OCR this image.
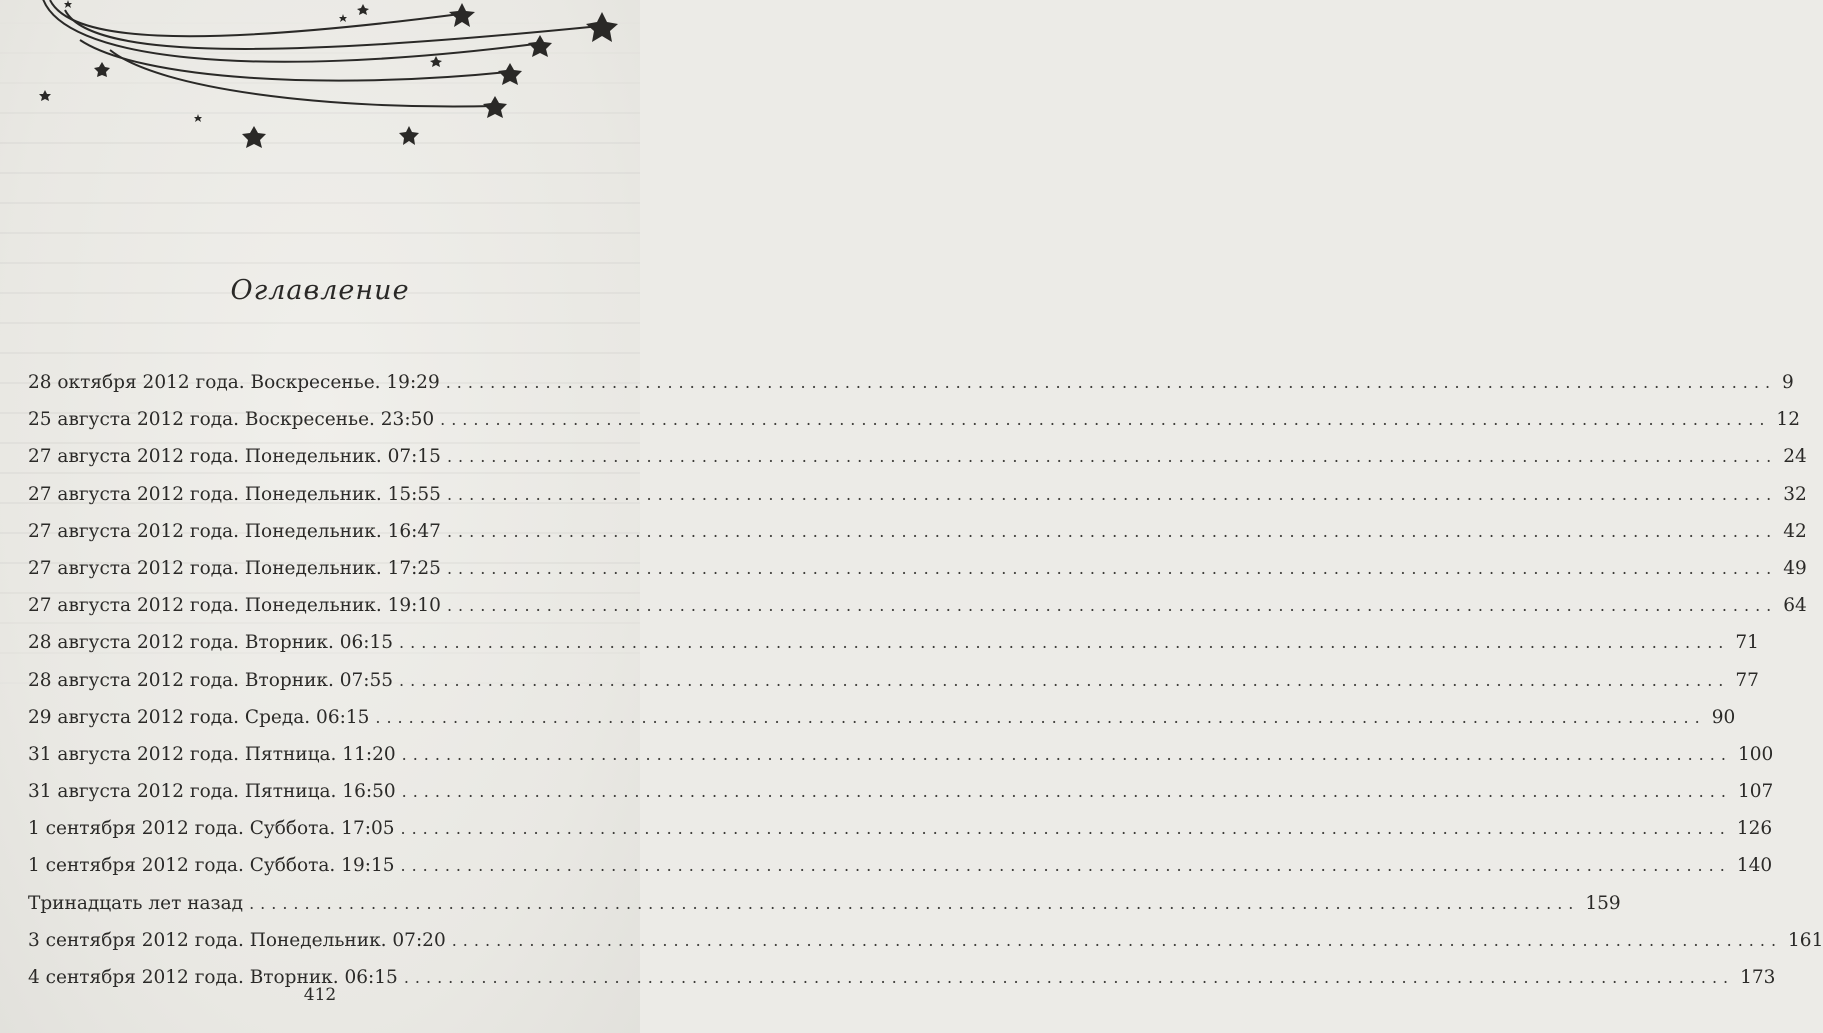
Оглавление
28 октября 2012 года. Воскресенье. 19:29 ........................................................................................................................ 9
25 августа 2012 года. Воскресенье. 23:50 ........................................................................................................................ 12
27 августа 2012 года. Понедельник. 07:15 ........................................................................................................................ 24
27 августа 2012 года. Понедельник. 15:55 ........................................................................................................................ 32
27 августа 2012 года. Понедельник. 16:47 ........................................................................................................................ 42
27 августа 2012 года. Понедельник. 17:25 ........................................................................................................................ 49
27 августа 2012 года. Понедельник. 19:10 ........................................................................................................................ 64
28 августа 2012 года. Вторник. 06:15 ........................................................................................................................ 71
28 августа 2012 года. Вторник. 07:55 ........................................................................................................................ 77
29 августа 2012 года. Среда. 06:15 ........................................................................................................................ 90
31 августа 2012 года. Пятница. 11:20 ........................................................................................................................ 100
31 августа 2012 года. Пятница. 16:50 ........................................................................................................................ 107
1 сентября 2012 года. Суббота. 17:05 ........................................................................................................................ 126
1 сентября 2012 года. Суббота. 19:15 ........................................................................................................................ 140
Тринадцать лет назад ........................................................................................................................ 159
3 сентября 2012 года. Понедельник. 07:20 ........................................................................................................................ 161
4 сентября 2012 года. Вторник. 06:15 ........................................................................................................................ 173
412
